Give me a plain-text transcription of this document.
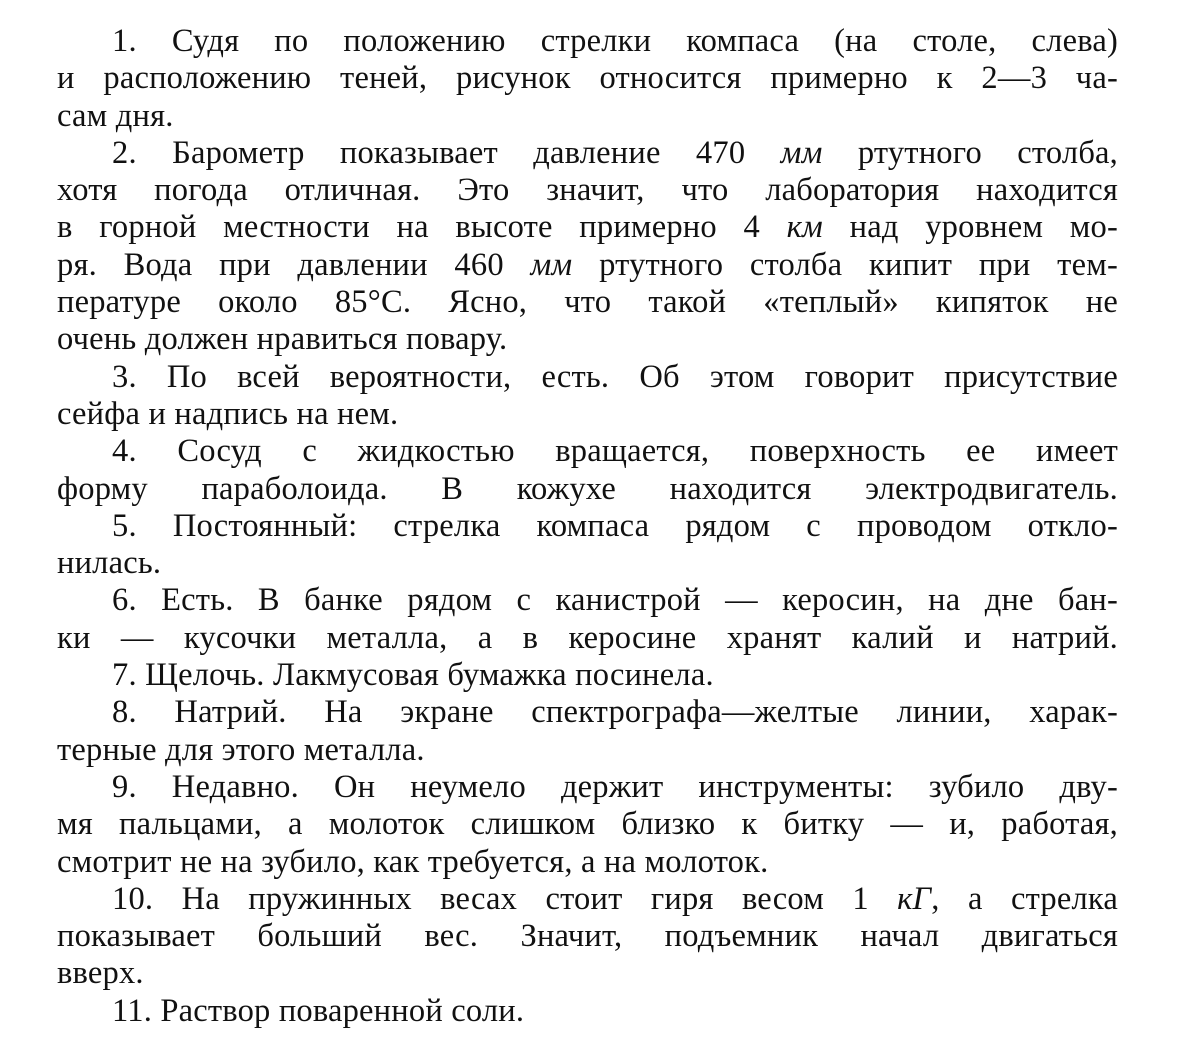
1. Судя по положению стрелки компаса (на столе, слева)
и расположению теней, рисунок относится примерно к 2—3 ча-
сам дня.
2. Барометр показывает давление 470 мм ртутного столба,
хотя погода отличная. Это значит, что лаборатория находится
в горной местности на высоте примерно 4 км над уровнем мо-
ря. Вода при давлении 460 мм ртутного столба кипит при тем-
пературе около 85°С. Ясно, что такой «теплый» кипяток не
очень должен нравиться повару.
3. По всей вероятности, есть. Об этом говорит присутствие
сейфа и надпись на нем.
4. Сосуд с жидкостью вращается, поверхность ее имеет
форму параболоида. В кожухе находится электродвигатель.
5. Постоянный: стрелка компаса рядом с проводом откло-
нилась.
6. Есть. В банке рядом с канистрой — керосин, на дне бан-
ки — кусочки металла, а в керосине хранят калий и натрий.
7. Щелочь. Лакмусовая бумажка посинела.
8. Натрий. На экране спектрографа—желтые линии, харак-
терные для этого металла.
9. Недавно. Он неумело держит инструменты: зубило дву-
мя пальцами, а молоток слишком близко к битку — и, работая,
смотрит не на зубило, как требуется, а на молоток.
10. На пружинных весах стоит гиря весом 1 кГ, а стрелка
показывает больший вес. Значит, подъемник начал двигаться
вверх.
11. Раствор поваренной соли.
